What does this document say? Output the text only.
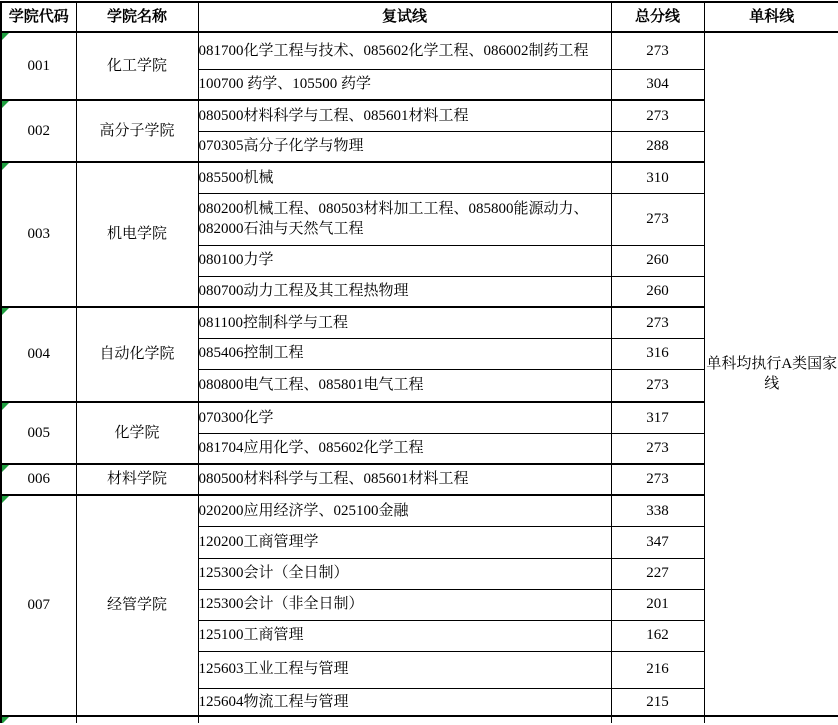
学院代码	学院名称	复试线	总分线	单科线

001	化工学院	081700化学工程与技术、085602化学工程、086002制药工程	273	单科均执行A类国家线
		100700 药学、105500 药学	304	

002	高分子学院	080500材料科学与工程、085601材料工程	273	
		070305高分子化学与物理	288	

003	机电学院	085500机械	310	
		080200机械工程、080503材料加工工程、085800能源动力、082000石油与天然气工程	273	
		080100力学	260	
		080700动力工程及其工程热物理	260	

004	自动化学院	081100控制科学与工程	273	
		085406控制工程	316	
		080800电气工程、085801电气工程	273	

005	化学院	070300化学	317	
		081704应用化学、085602化学工程	273	

006	材料学院	080500材料科学与工程、085601材料工程	273	

007	经管学院	020200应用经济学、025100金融	338	
		120200工商管理学	347	
		125300会计（全日制）	227	
		125300会计（非全日制）	201	
		125100工商管理	162	
		125603工业工程与管理	216	
		125604物流工程与管理	215	
